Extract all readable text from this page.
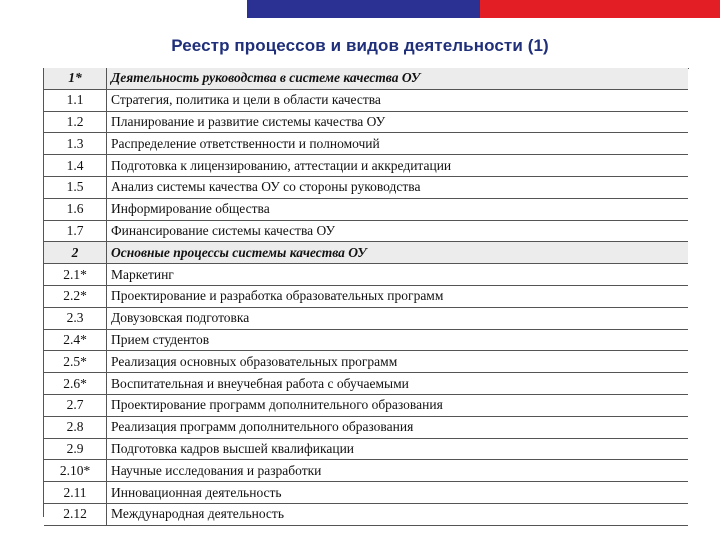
Реестр процессов и видов деятельности (1)
1*	Деятельность руководства в системе качества ОУ
1.1	Стратегия, политика и цели в области качества
1.2	Планирование и развитие системы качества ОУ
1.3	Распределение ответственности и полномочий
1.4	Подготовка к лицензированию, аттестации и аккредитации
1.5	Анализ системы качества ОУ со стороны руководства
1.6	Информирование общества
1.7	Финансирование системы качества ОУ
2	Основные процессы системы качества ОУ
2.1*	Маркетинг
2.2*	Проектирование и разработка образовательных программ
2.3	Довузовская подготовка
2.4*	Прием студентов
2.5*	Реализация основных образовательных программ
2.6*	Воспитательная и внеучебная работа с обучаемыми
2.7	Проектирование программ дополнительного образования
2.8	Реализация программ дополнительного образования
2.9	Подготовка кадров высшей квалификации
2.10*	Научные исследования и разработки
2.11	Инновационная деятельность
2.12	Международная деятельность
